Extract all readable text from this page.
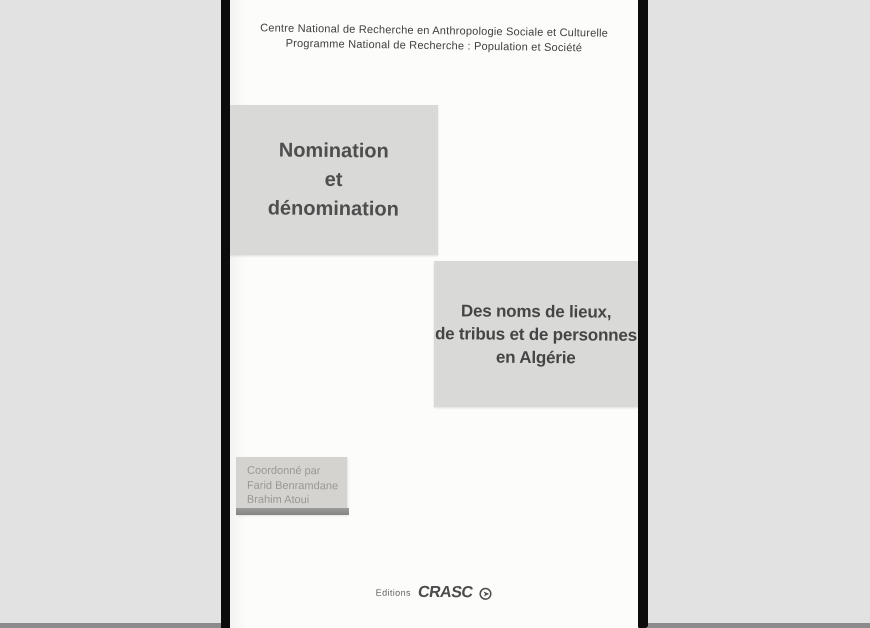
Centre National de Recherche en Anthropologie Sociale et Culturelle
Programme National de Recherche : Population et Société
Nomination
et
dénomination
Des noms de lieux,
de tribus et de personnes
en Algérie
Coordonné par
Farid Benramdane
Brahim Atoui
Editions CRASC
